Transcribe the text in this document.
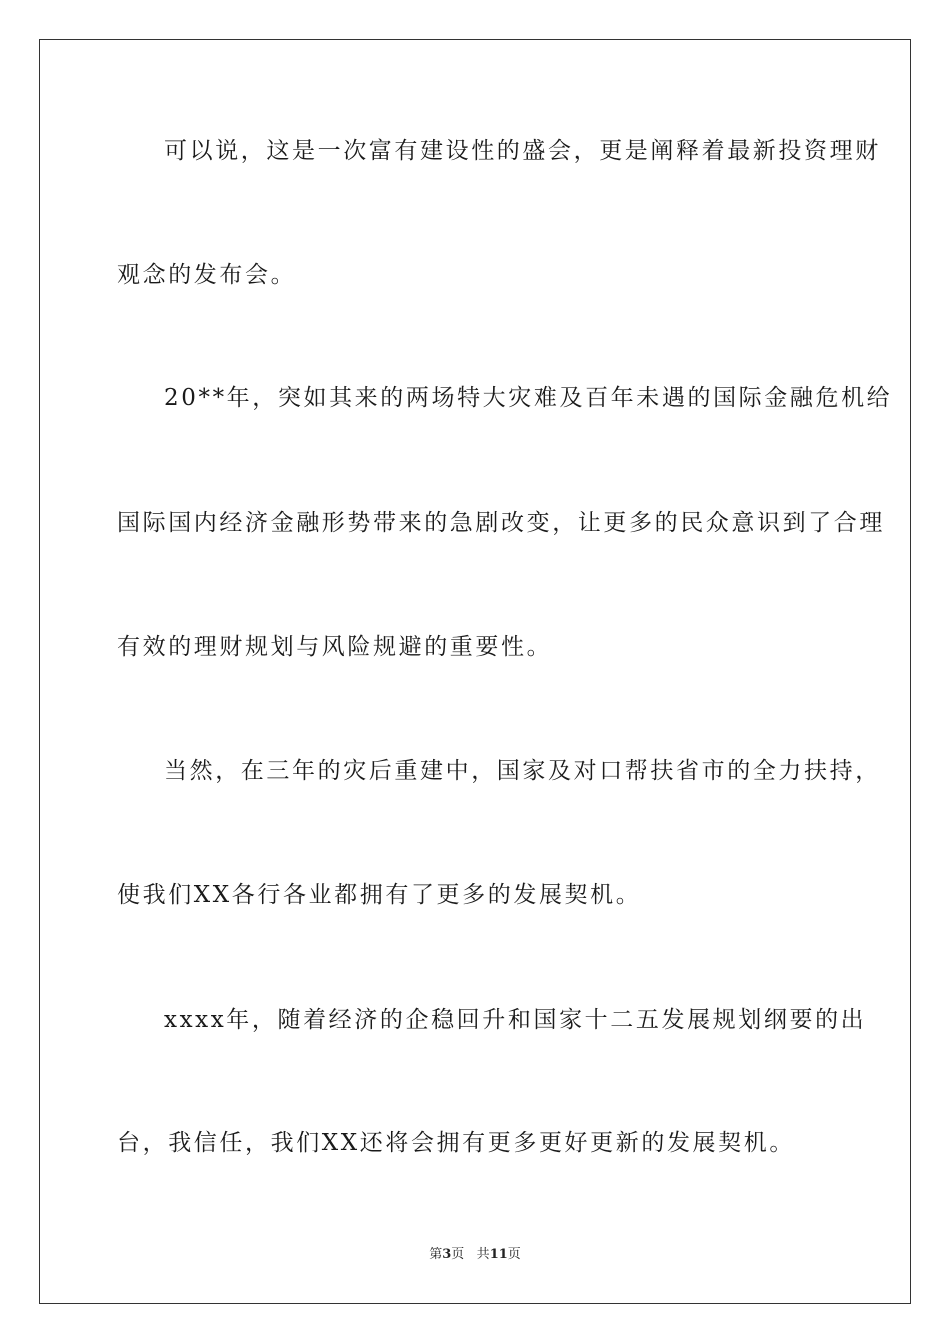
可以说，这是一次富有建设性的盛会，更是阐释着最新投资理财
观念的发布会。
20**年，突如其来的两场特大灾难及百年未遇的国际金融危机给
国际国内经济金融形势带来的急剧改变，让更多的民众意识到了合理
有效的理财规划与风险规避的重要性。
当然，在三年的灾后重建中，国家及对口帮扶省市的全力扶持，
使我们XX各行各业都拥有了更多的发展契机。
xxxx年，随着经济的企稳回升和国家十二五发展规划纲要的出
台，我信任，我们XX还将会拥有更多更好更新的发展契机。
第3页 共11页
